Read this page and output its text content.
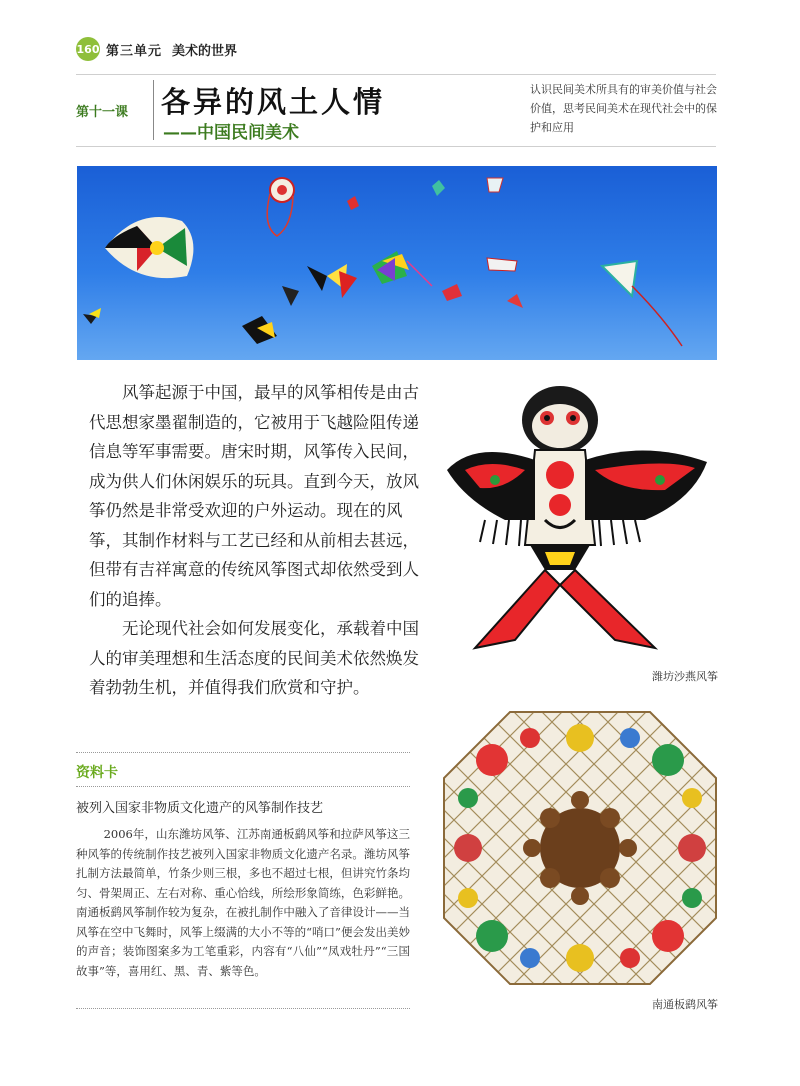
160 第三单元 美术的世界
第十一课 各异的风土人情
——中国民间美术
认识民间美术所具有的审美价值与社会价值，思考民间美术在现代社会中的保护和应用

风筝起源于中国，最早的风筝相传是由古代思想家墨翟制造的，它被用于飞越险阻传递信息等军事需要。唐宋时期，风筝传入民间，成为供人们休闲娱乐的玩具。直到今天，放风筝仍然是非常受欢迎的户外运动。现在的风筝，其制作材料与工艺已经和从前相去甚远，但带有吉祥寓意的传统风筝图式却依然受到人们的追捧。

无论现代社会如何发展变化，承载着中国人的审美理想和生活态度的民间美术依然焕发着勃勃生机，并值得我们欣赏和守护。

潍坊沙燕风筝
资料卡
被列入国家非物质文化遗产的风筝制作技艺

2006年，山东潍坊风筝、江苏南通板鹞风筝和拉萨风筝这三种风筝的传统制作技艺被列入国家非物质文化遗产名录。潍坊风筝扎制方法最简单，竹条少则三根，多也不超过七根，但讲究竹条均匀、骨架周正、左右对称、重心恰线，所绘形象简练，色彩鲜艳。南通板鹞风筝制作较为复杂，在被扎制作中融入了音律设计——当风筝在空中飞舞时，风筝上缀满的大小不等的“哨口”便会发出美妙的声音；装饰图案多为工笔重彩，内容有“八仙”“凤戏牡丹”“三国故事”等，喜用红、黑、青、紫等色。

南通板鹞风筝
